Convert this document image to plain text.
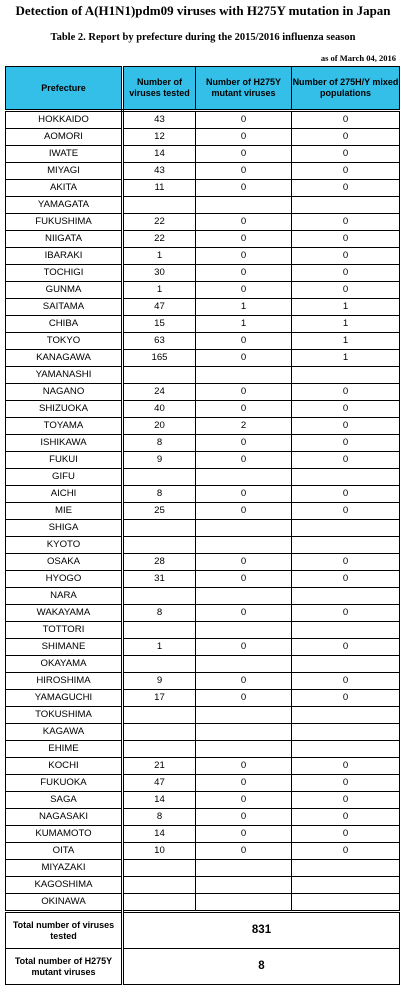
Detection of A(H1N1)pdm09 viruses with H275Y mutation in Japan
Table 2. Report by prefecture during the 2015/2016 influenza season
as of March 04, 2016
Prefecture	Number of viruses tested	Number of H275Y mutant viruses	Number of 275H/Y mixed populations
HOKKAIDO	43	0	0
AOMORI	12	0	0
IWATE	14	0	0
MIYAGI	43	0	0
AKITA	11	0	0
YAMAGATA			
FUKUSHIMA	22	0	0
NIIGATA	22	0	0
IBARAKI	1	0	0
TOCHIGI	30	0	0
GUNMA	1	0	0
SAITAMA	47	1	1
CHIBA	15	1	1
TOKYO	63	0	1
KANAGAWA	165	0	1
YAMANASHI			
NAGANO	24	0	0
SHIZUOKA	40	0	0
TOYAMA	20	2	0
ISHIKAWA	8	0	0
FUKUI	9	0	0
GIFU			
AICHI	8	0	0
MIE	25	0	0
SHIGA			
KYOTO			
OSAKA	28	0	0
HYOGO	31	0	0
NARA			
WAKAYAMA	8	0	0
TOTTORI			
SHIMANE	1	0	0
OKAYAMA			
HIROSHIMA	9	0	0
YAMAGUCHI	17	0	0
TOKUSHIMA			
KAGAWA			
EHIME			
KOCHI	21	0	0
FUKUOKA	47	0	0
SAGA	14	0	0
NAGASAKI	8	0	0
KUMAMOTO	14	0	0
OITA	10	0	0
MIYAZAKI			
KAGOSHIMA			
OKINAWA			
Total number of viruses tested	831		
Total number of H275Y mutant viruses	8		
